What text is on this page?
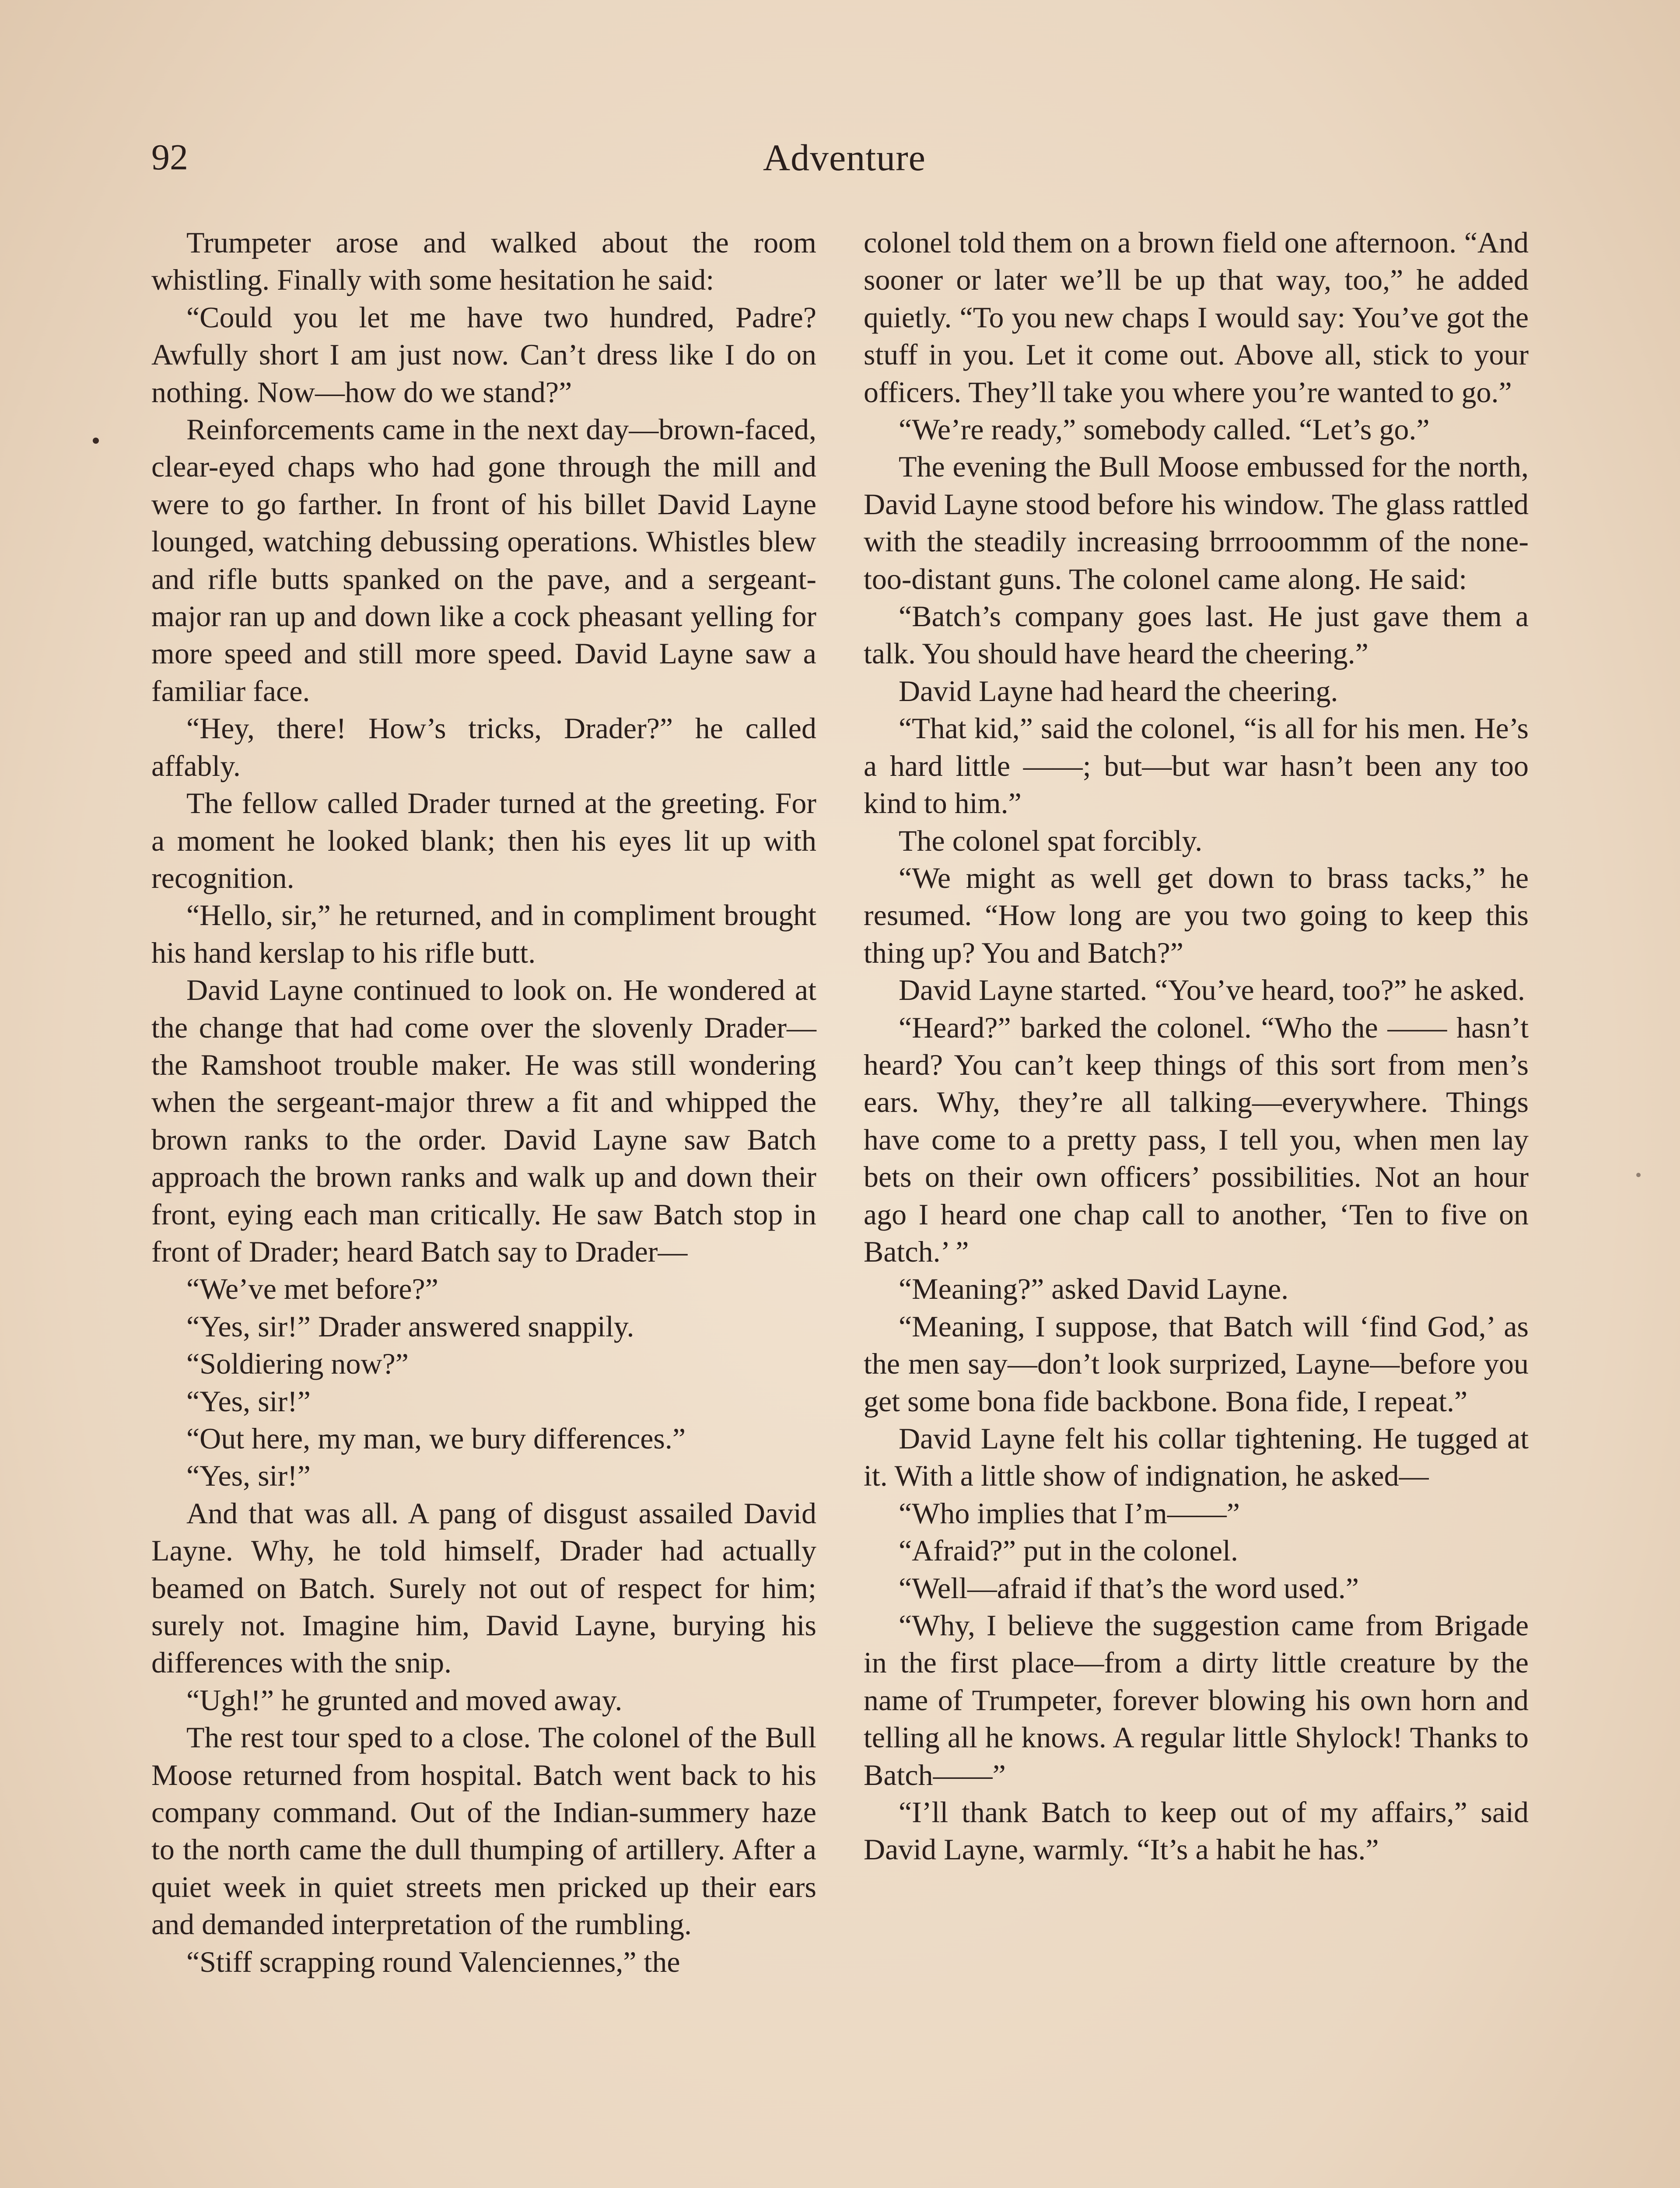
92	Adventure

Trumpeter arose and walked about the room whistling. Finally with some hesitation he said:

“Could you let me have two hundred, Padre? Awfully short I am just now. Can’t dress like I do on nothing. Now—how do we stand?”

Reinforcements came in the next day—brown-faced, clear-eyed chaps who had gone through the mill and were to go farther. In front of his billet David Layne lounged, watching debussing operations. Whistles blew and rifle butts spanked on the pave, and a sergeant-major ran up and down like a cock pheasant yelling for more speed and still more speed. David Layne saw a familiar face.

“Hey, there! How’s tricks, Drader?” he called affably.

The fellow called Drader turned at the greeting. For a moment he looked blank; then his eyes lit up with recognition.

“Hello, sir,” he returned, and in compliment brought his hand kerslap to his rifle butt.

David Layne continued to look on. He wondered at the change that had come over the slovenly Drader—the Ramshoot trouble maker. He was still wondering when the sergeant-major threw a fit and whipped the brown ranks to the order. David Layne saw Batch approach the brown ranks and walk up and down their front, eying each man critically. He saw Batch stop in front of Drader; heard Batch say to Drader—

“We’ve met before?”

“Yes, sir!” Drader answered snappily.

“Soldiering now?”

“Yes, sir!”

“Out here, my man, we bury differences.”

“Yes, sir!”

And that was all. A pang of disgust assailed David Layne. Why, he told himself, Drader had actually beamed on Batch. Surely not out of respect for him; surely not. Imagine him, David Layne, burying his differences with the snip.

“Ugh!” he grunted and moved away.

The rest tour sped to a close. The colonel of the Bull Moose returned from hospital. Batch went back to his company command. Out of the Indian-summery haze to the north came the dull thumping of artillery. After a quiet week in quiet streets men pricked up their ears and demanded interpretation of the rumbling.

“Stiff scrapping round Valenciennes,” the

colonel told them on a brown field one afternoon. “And sooner or later we’ll be up that way, too,” he added quietly. “To you new chaps I would say: You’ve got the stuff in you. Let it come out. Above all, stick to your officers. They’ll take you where you’re wanted to go.”

“We’re ready,” somebody called. “Let’s go.”

The evening the Bull Moose embussed for the north, David Layne stood before his window. The glass rattled with the steadily increasing brrrooommm of the none-too-distant guns. The colonel came along. He said:

“Batch’s company goes last. He just gave them a talk. You should have heard the cheering.”

David Layne had heard the cheering.

“That kid,” said the colonel, “is all for his men. He’s a hard little ——; but—but war hasn’t been any too kind to him.”

The colonel spat forcibly.

“We might as well get down to brass tacks,” he resumed. “How long are you two going to keep this thing up? You and Batch?”

David Layne started. “You’ve heard, too?” he asked.

“Heard?” barked the colonel. “Who the —— hasn’t heard? You can’t keep things of this sort from men’s ears. Why, they’re all talking—everywhere. Things have come to a pretty pass, I tell you, when men lay bets on their own officers’ possibilities. Not an hour ago I heard one chap call to another, ‘Ten to five on Batch.’ ”

“Meaning?” asked David Layne.

“Meaning, I suppose, that Batch will ‘find God,’ as the men say—don’t look surprized, Layne—before you get some bona fide backbone. Bona fide, I repeat.”

David Layne felt his collar tightening. He tugged at it. With a little show of indignation, he asked—

“Who implies that I’m——”

“Afraid?” put in the colonel.

“Well—afraid if that’s the word used.”

“Why, I believe the suggestion came from Brigade in the first place—from a dirty little creature by the name of Trumpeter, forever blowing his own horn and telling all he knows. A regular little Shylock! Thanks to Batch——”

“I’ll thank Batch to keep out of my affairs,” said David Layne, warmly. “It’s a habit he has.”
